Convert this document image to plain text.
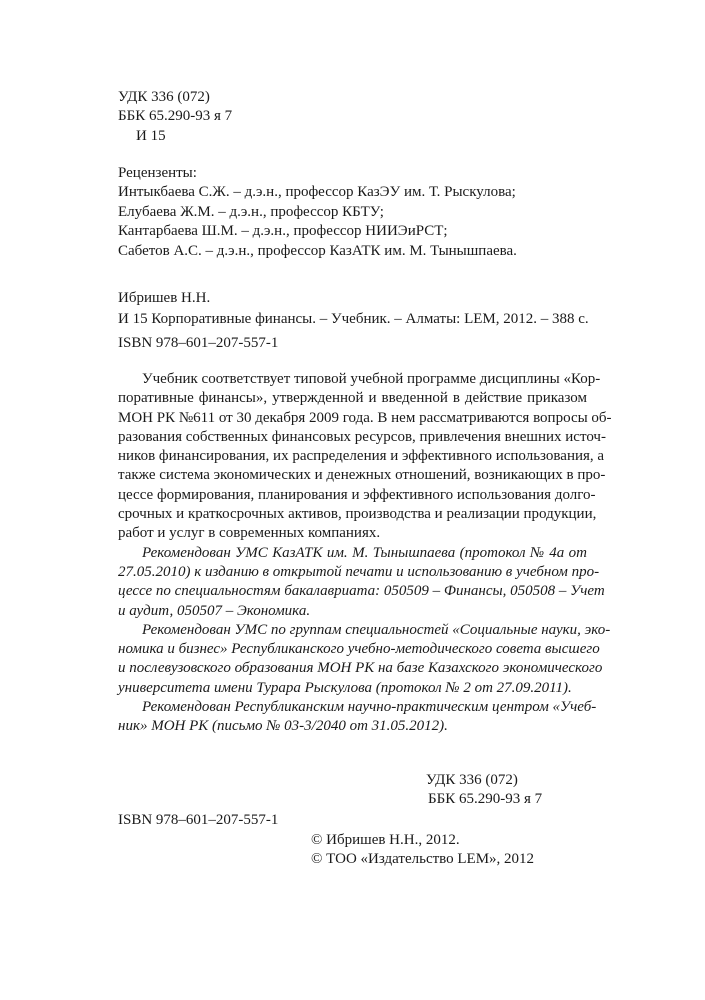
УДК 336 (072)
ББК 65.290-93 я 7
И 15
Рецензенты:
Интыкбаева С.Ж. – д.э.н., профессор КазЭУ им. Т. Рыскулова;
Елубаева Ж.М. – д.э.н., профессор КБТУ;
Кантарбаева Ш.М. – д.э.н., профессор НИИЭиРСТ;
Сабетов А.С. – д.э.н., профессор КазАТК им. М. Тынышпаева.
Ибришев Н.Н.
И 15 Корпоративные финансы. – Учебник. – Алматы: LEM, 2012. – 388 с.
ISBN 978–601–207-557-1
Учебник соответствует типовой учебной программе дисциплины «Кор-
поративные финансы», утвержденной и введенной в действие приказом
МОН РК №611 от 30 декабря 2009 года. В нем рассматриваются вопросы об-
разования собственных финансовых ресурсов, привлечения внешних источ-
ников финансирования, их распределения и эффективного использования, а
также система экономических и денежных отношений, возникающих в про-
цессе формирования, планирования и эффективного использования долго-
срочных и краткосрочных активов, производства и реализации продукции,
работ и услуг в современных компаниях.
Рекомендован УМС КазАТК им. М. Тынышпаева (протокол № 4а от
27.05.2010) к изданию в открытой печати и использованию в учебном про-
цессе по специальностям бакалавриата: 050509 – Финансы, 050508 – Учет
и аудит, 050507 – Экономика.
Рекомендован УМС по группам специальностей «Социальные науки, эко-
номика и бизнес» Республиканского учебно-методического совета высшего
и послевузовского образования МОН РК на базе Казахского экономического
университета имени Турара Рыскулова (протокол № 2 от 27.09.2011).
Рекомендован Республиканским научно-практическим центром «Учеб-
ник» МОН РК (письмо № 03-3/2040 от 31.05.2012).
УДК 336 (072)
ББК 65.290-93 я 7
ISBN 978–601–207-557-1
© Ибришев Н.Н., 2012.
© ТОО «Издательство LEM», 2012
